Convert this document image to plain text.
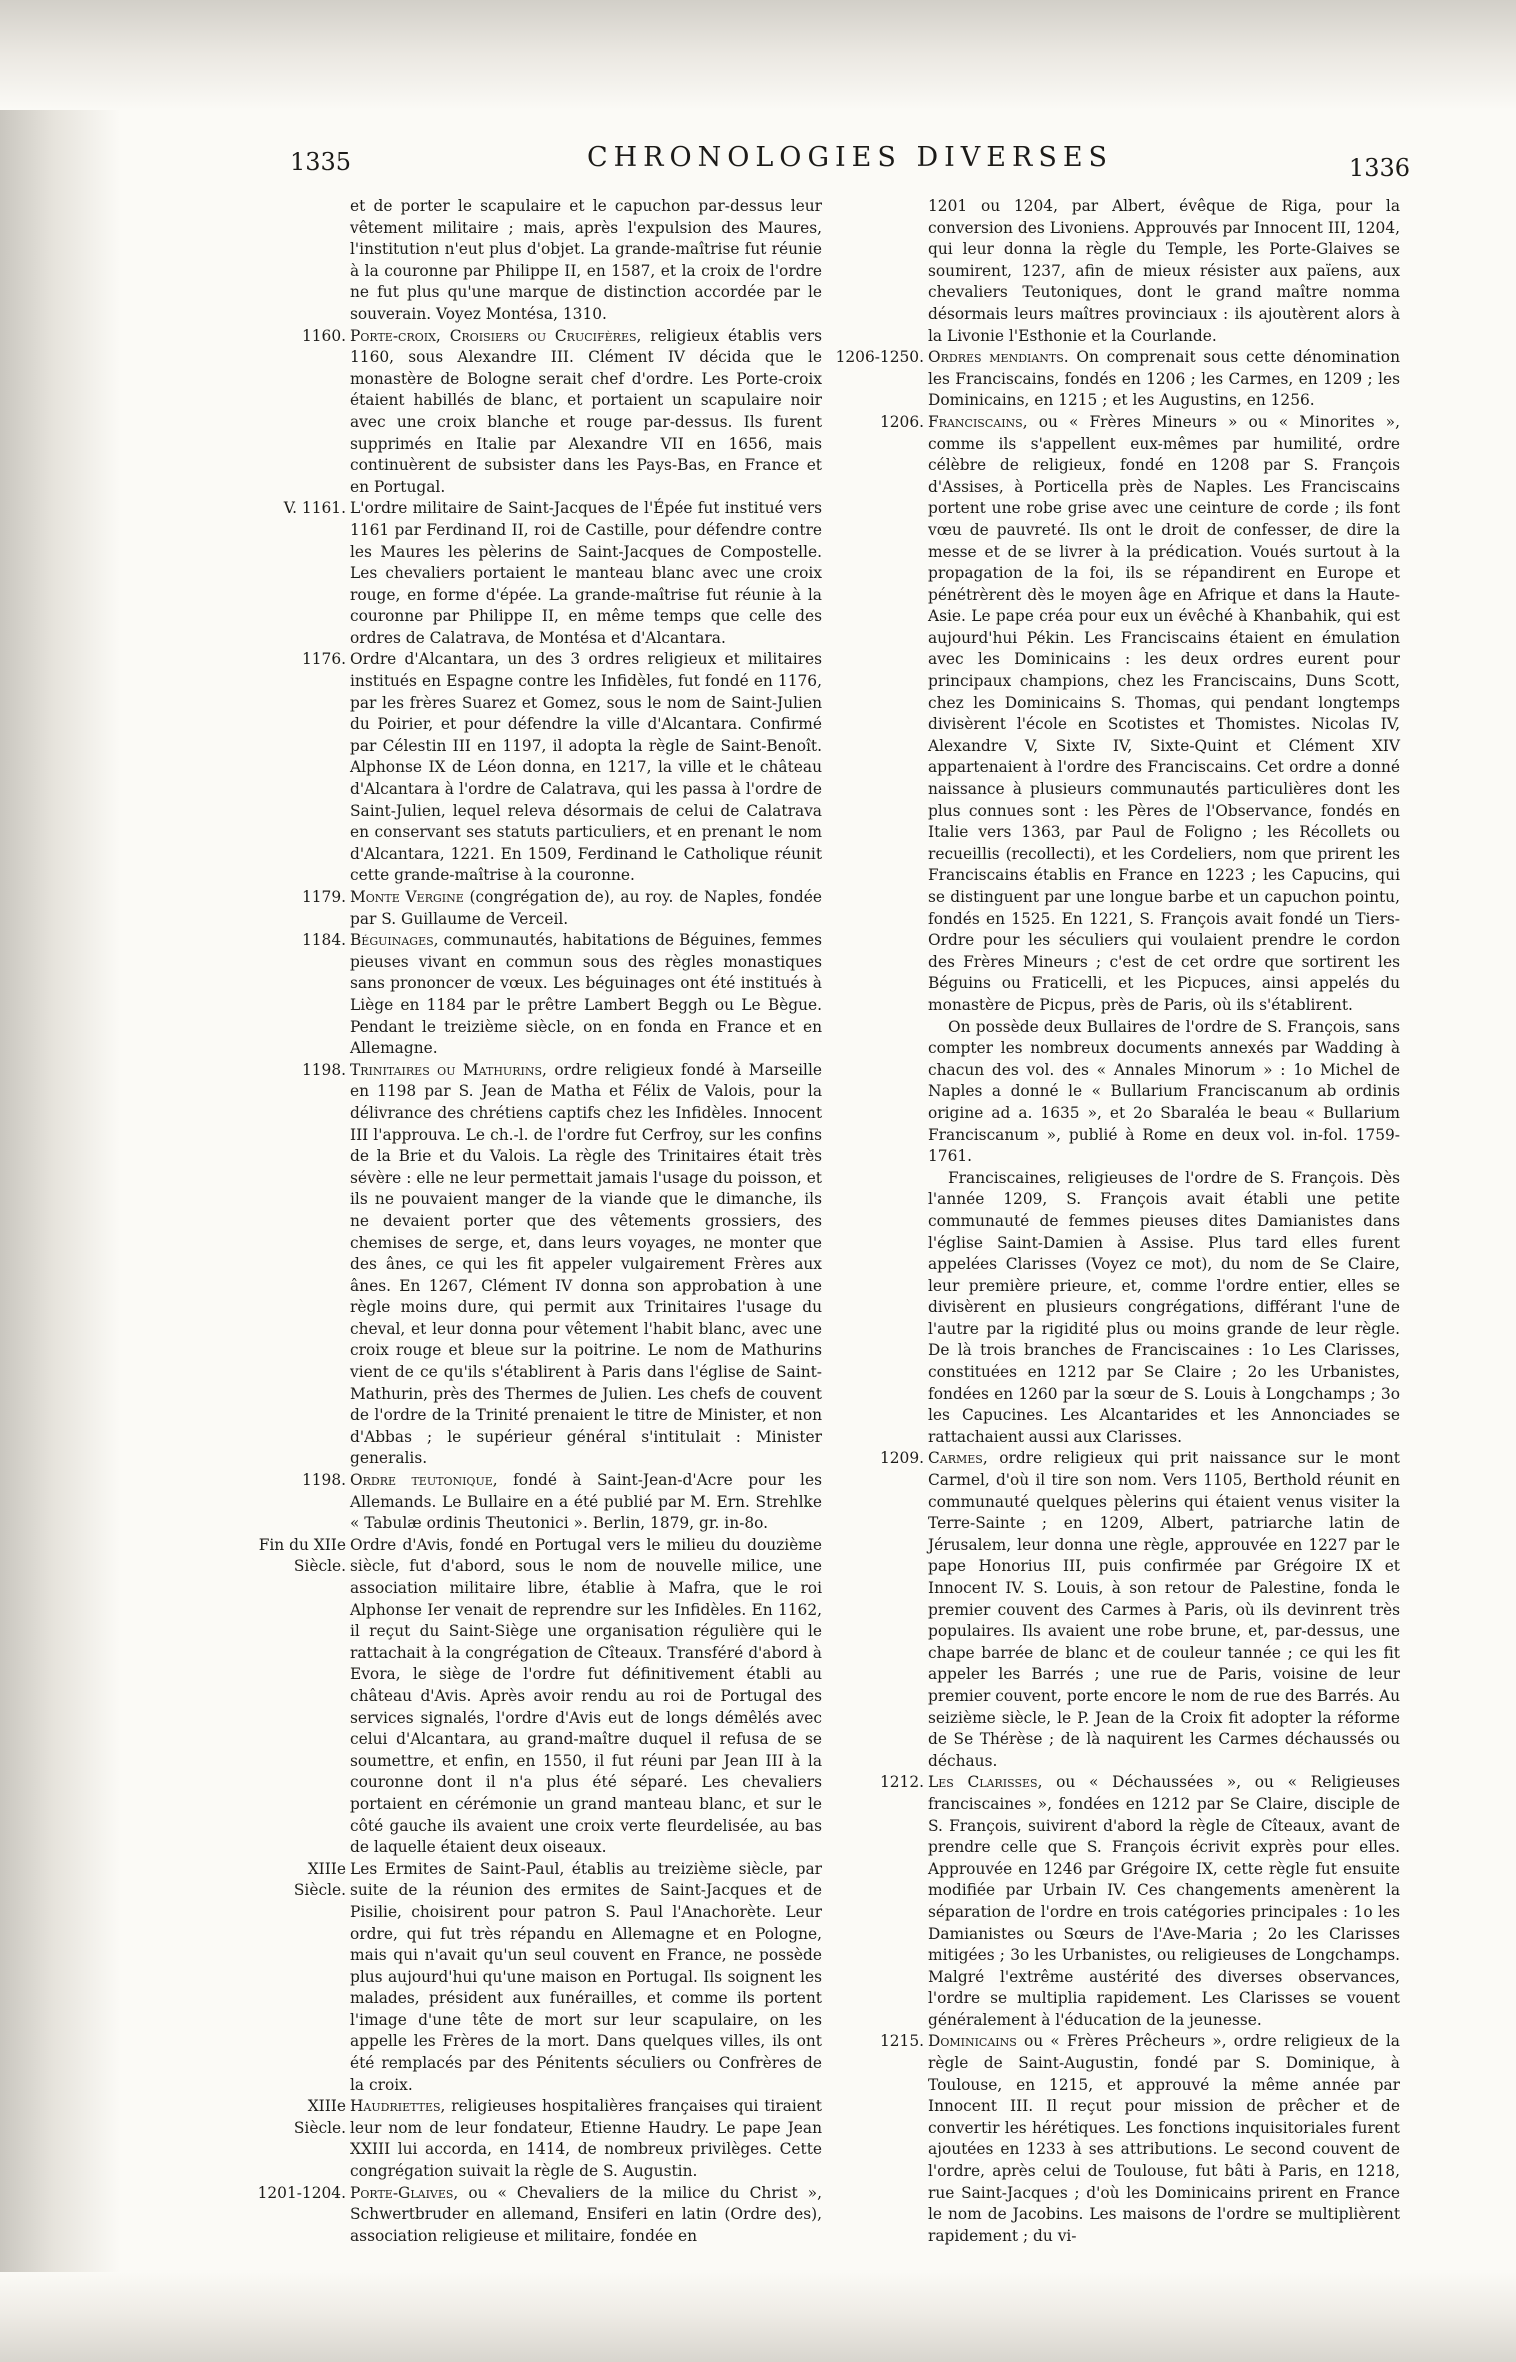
1335	CHRONOLOGIES DIVERSES	1336

et de porter le scapulaire et le capuchon par-dessus leur vêtement militaire ; mais, après l'expulsion des Maures, l'institution n'eut plus d'objet. La grande-maîtrise fut réunie à la couronne par Philippe II, en 1587, et la croix de l'ordre ne fut plus qu'une marque de distinction accordée par le souverain. Voyez Montésa, 1310.

1160. Porte-croix, Croisiers ou Crucifères, religieux établis vers 1160, sous Alexandre III. Clément IV décida que le monastère de Bologne serait chef d'ordre. Les Porte-croix étaient habillés de blanc, et portaient un scapulaire noir avec une croix blanche et rouge par-dessus. Ils furent supprimés en Italie par Alexandre VII en 1656, mais continuèrent de subsister dans les Pays-Bas, en France et en Portugal.

V. 1161. L'ordre militaire de Saint-Jacques de l'Épée fut institué vers 1161 par Ferdinand II, roi de Castille, pour défendre contre les Maures les pèlerins de Saint-Jacques de Compostelle. Les chevaliers portaient le manteau blanc avec une croix rouge, en forme d'épée. La grande-maîtrise fut réunie à la couronne par Philippe II, en même temps que celle des ordres de Calatrava, de Montésa et d'Alcantara.

1176. Ordre d'Alcantara, un des 3 ordres religieux et militaires institués en Espagne contre les Infidèles, fut fondé en 1176, par les frères Suarez et Gomez, sous le nom de Saint-Julien du Poirier, et pour défendre la ville d'Alcantara. Confirmé par Célestin III en 1197, il adopta la règle de Saint-Benoît. Alphonse IX de Léon donna, en 1217, la ville et le château d'Alcantara à l'ordre de Calatrava, qui les passa à l'ordre de Saint-Julien, lequel releva désormais de celui de Calatrava en conservant ses statuts particuliers, et en prenant le nom d'Alcantara, 1221. En 1509, Ferdinand le Catholique réunit cette grande-maîtrise à la couronne.

1179. Monte Vergine (congrégation de), au roy. de Naples, fondée par S. Guillaume de Verceil.

1184. Béguinages, communautés, habitations de Béguines, femmes pieuses vivant en commun sous des règles monastiques sans prononcer de vœux. Les béguinages ont été institués à Liège en 1184 par le prêtre Lambert Beggh ou Le Bègue. Pendant le treizième siècle, on en fonda en France et en Allemagne.

1198. Trinitaires ou Mathurins, ordre religieux fondé à Marseille en 1198 par S. Jean de Matha et Félix de Valois, pour la délivrance des chrétiens captifs chez les Infidèles. Innocent III l'approuva. Le ch.-l. de l'ordre fut Cerfroy, sur les confins de la Brie et du Valois. La règle des Trinitaires était très sévère : elle ne leur permettait jamais l'usage du poisson, et ils ne pouvaient manger de la viande que le dimanche, ils ne devaient porter que des vêtements grossiers, des chemises de serge, et, dans leurs voyages, ne monter que des ânes, ce qui les fit appeler vulgairement Frères aux ânes. En 1267, Clément IV donna son approbation à une règle moins dure, qui permit aux Trinitaires l'usage du cheval, et leur donna pour vêtement l'habit blanc, avec une croix rouge et bleue sur la poitrine. Le nom de Mathurins vient de ce qu'ils s'établirent à Paris dans l'église de Saint-Mathurin, près des Thermes de Julien. Les chefs de couvent de l'ordre de la Trinité prenaient le titre de Minister, et non d'Abbas ; le supérieur général s'intitulait : Minister generalis.

1198. Ordre teutonique, fondé à Saint-Jean-d'Acre pour les Allemands. Le Bullaire en a été publié par M. Ern. Strehlke « Tabulæ ordinis Theutonici ». Berlin, 1879, gr. in-8o.

Fin du XIIe Siècle.
Ordre d'Avis, fondé en Portugal vers le milieu du douzième siècle, fut d'abord, sous le nom de nouvelle milice, une association militaire libre, établie à Mafra, que le roi Alphonse Ier venait de reprendre sur les Infidèles. En 1162, il reçut du Saint-Siège une organisation régulière qui le rattachait à la congrégation de Cîteaux. Transféré d'abord à Evora, le siège de l'ordre fut définitivement établi au château d'Avis. Après avoir rendu au roi de Portugal des services signalés, l'ordre d'Avis eut de longs démêlés avec celui d'Alcantara, au grand-maître duquel il refusa de se soumettre, et enfin, en 1550, il fut réuni par Jean III à la couronne dont il n'a plus été séparé. Les chevaliers portaient en cérémonie un grand manteau blanc, et sur le côté gauche ils avaient une croix verte fleurdelisée, au bas de laquelle étaient deux oiseaux.

XIIIe Siècle.
Les Ermites de Saint-Paul, établis au treizième siècle, par suite de la réunion des ermites de Saint-Jacques et de Pisilie, choisirent pour patron S. Paul l'Anachorète. Leur ordre, qui fut très répandu en Allemagne et en Pologne, mais qui n'avait qu'un seul couvent en France, ne possède plus aujourd'hui qu'une maison en Portugal. Ils soignent les malades, président aux funérailles, et comme ils portent l'image d'une tête de mort sur leur scapulaire, on les appelle les Frères de la mort. Dans quelques villes, ils ont été remplacés par des Pénitents séculiers ou Confrères de la croix.

XIIIe Siècle.
Haudriettes, religieuses hospitalières françaises qui tiraient leur nom de leur fondateur, Etienne Haudry. Le pape Jean XXIII lui accorda, en 1414, de nombreux privilèges. Cette congrégation suivait la règle de S. Augustin.

1201-1204. Porte-Glaives, ou « Chevaliers de la milice du Christ », Schwertbruder en allemand, Ensiferi en latin (Ordre des), association religieuse et militaire, fondée en

1201 ou 1204, par Albert, évêque de Riga, pour la conversion des Livoniens. Approuvés par Innocent III, 1204, qui leur donna la règle du Temple, les Porte-Glaives se soumirent, 1237, afin de mieux résister aux païens, aux chevaliers Teutoniques, dont le grand maître nomma désormais leurs maîtres provinciaux : ils ajoutèrent alors à la Livonie l'Esthonie et la Courlande.

1206-1250. Ordres mendiants. On comprenait sous cette dénomination les Franciscains, fondés en 1206 ; les Carmes, en 1209 ; les Dominicains, en 1215 ; et les Augustins, en 1256.

1206. Franciscains, ou « Frères Mineurs » ou « Minorites », comme ils s'appellent eux-mêmes par humilité, ordre célèbre de religieux, fondé en 1208 par S. François d'Assises, à Porticella près de Naples. Les Franciscains portent une robe grise avec une ceinture de corde ; ils font vœu de pauvreté. Ils ont le droit de confesser, de dire la messe et de se livrer à la prédication. Voués surtout à la propagation de la foi, ils se répandirent en Europe et pénétrèrent dès le moyen âge en Afrique et dans la Haute-Asie. Le pape créa pour eux un évêché à Khanbahik, qui est aujourd'hui Pékin. Les Franciscains étaient en émulation avec les Dominicains : les deux ordres eurent pour principaux champions, chez les Franciscains, Duns Scott, chez les Dominicains S. Thomas, qui pendant longtemps divisèrent l'école en Scotistes et Thomistes. Nicolas IV, Alexandre V, Sixte IV, Sixte-Quint et Clément XIV appartenaient à l'ordre des Franciscains. Cet ordre a donné naissance à plusieurs communautés particulières dont les plus connues sont : les Pères de l'Observance, fondés en Italie vers 1363, par Paul de Foligno ; les Récollets ou recueillis (recollecti), et les Cordeliers, nom que prirent les Franciscains établis en France en 1223 ; les Capucins, qui se distinguent par une longue barbe et un capuchon pointu, fondés en 1525. En 1221, S. François avait fondé un Tiers-Ordre pour les séculiers qui voulaient prendre le cordon des Frères Mineurs ; c'est de cet ordre que sortirent les Béguins ou Fraticelli, et les Picpuces, ainsi appelés du monastère de Picpus, près de Paris, où ils s'établirent.

On possède deux Bullaires de l'ordre de S. François, sans compter les nombreux documents annexés par Wadding à chacun des vol. des « Annales Minorum » : 1o Michel de Naples a donné le « Bullarium Franciscanum ab ordinis origine ad a. 1635 », et 2o Sbaraléa le beau « Bullarium Franciscanum », publié à Rome en deux vol. in-fol. 1759-1761.

Franciscaines, religieuses de l'ordre de S. François. Dès l'année 1209, S. François avait établi une petite communauté de femmes pieuses dites Damianistes dans l'église Saint-Damien à Assise. Plus tard elles furent appelées Clarisses (Voyez ce mot), du nom de Se Claire, leur première prieure, et, comme l'ordre entier, elles se divisèrent en plusieurs congrégations, différant l'une de l'autre par la rigidité plus ou moins grande de leur règle. De là trois branches de Franciscaines : 1o Les Clarisses, constituées en 1212 par Se Claire ; 2o les Urbanistes, fondées en 1260 par la sœur de S. Louis à Longchamps ; 3o les Capucines. Les Alcantarides et les Annonciades se rattachaient aussi aux Clarisses.

1209. Carmes, ordre religieux qui prit naissance sur le mont Carmel, d'où il tire son nom. Vers 1105, Berthold réunit en communauté quelques pèlerins qui étaient venus visiter la Terre-Sainte ; en 1209, Albert, patriarche latin de Jérusalem, leur donna une règle, approuvée en 1227 par le pape Honorius III, puis confirmée par Grégoire IX et Innocent IV. S. Louis, à son retour de Palestine, fonda le premier couvent des Carmes à Paris, où ils devinrent très populaires. Ils avaient une robe brune, et, par-dessus, une chape barrée de blanc et de couleur tannée ; ce qui les fit appeler les Barrés ; une rue de Paris, voisine de leur premier couvent, porte encore le nom de rue des Barrés. Au seizième siècle, le P. Jean de la Croix fit adopter la réforme de Se Thérèse ; de là naquirent les Carmes déchaussés ou déchaus.

1212. Les Clarisses, ou « Déchaussées », ou « Religieuses franciscaines », fondées en 1212 par Se Claire, disciple de S. François, suivirent d'abord la règle de Cîteaux, avant de prendre celle que S. François écrivit exprès pour elles. Approuvée en 1246 par Grégoire IX, cette règle fut ensuite modifiée par Urbain IV. Ces changements amenèrent la séparation de l'ordre en trois catégories principales : 1o les Damianistes ou Sœurs de l'Ave-Maria ; 2o les Clarisses mitigées ; 3o les Urbanistes, ou religieuses de Longchamps. Malgré l'extrême austérité des diverses observances, l'ordre se multiplia rapidement. Les Clarisses se vouent généralement à l'éducation de la jeunesse.

1215. Dominicains ou « Frères Prêcheurs », ordre religieux de la règle de Saint-Augustin, fondé par S. Dominique, à Toulouse, en 1215, et approuvé la même année par Innocent III. Il reçut pour mission de prêcher et de convertir les hérétiques. Les fonctions inquisitoriales furent ajoutées en 1233 à ses attributions. Le second couvent de l'ordre, après celui de Toulouse, fut bâti à Paris, en 1218, rue Saint-Jacques ; d'où les Dominicains prirent en France le nom de Jacobins. Les maisons de l'ordre se multiplièrent rapidement ; du vi-
